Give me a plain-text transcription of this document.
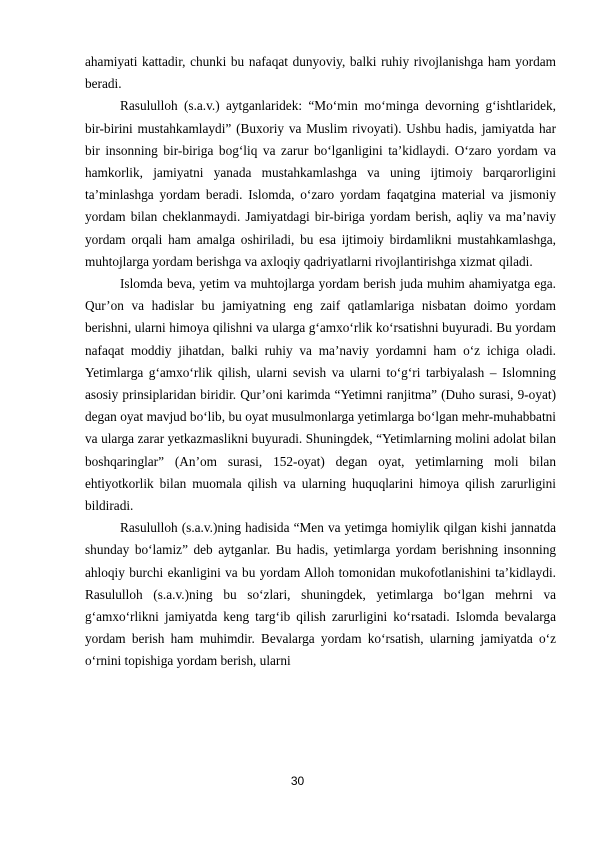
ahamiyati kattadir, chunki bu nafaqat dunyoviy, balki ruhiy rivojlanishga ham yordam beradi.

Rasululloh (s.a.v.) aytganlaridek: “Mo‘min mo‘minga devorning g‘ishtlaridek, bir-birini mustahkamlaydi” (Buxoriy va Muslim rivoyati). Ushbu hadis, jamiyatda har bir insonning bir-biriga bog‘liq va zarur bo‘lganligini ta’kidlaydi. O‘zaro yordam va hamkorlik, jamiyatni yanada mustahkamlashga va uning ijtimoiy barqarorligini ta’minlashga yordam beradi. Islomda, o‘zaro yordam faqatgina material va jismoniy yordam bilan cheklanmaydi. Jamiyatdagi bir-biriga yordam berish, aqliy va ma’naviy yordam orqali ham amalga oshiriladi, bu esa ijtimoiy birdamlikni mustahkamlashga, muhtojlarga yordam berishga va axloqiy qadriyatlarni rivojlantirishga xizmat qiladi.

Islomda beva, yetim va muhtojlarga yordam berish juda muhim ahamiyatga ega. Qur’on va hadislar bu jamiyatning eng zaif qatlamlariga nisbatan doimo yordam berishni, ularni himoya qilishni va ularga g‘amxo‘rlik ko‘rsatishni buyuradi. Bu yordam nafaqat moddiy jihatdan, balki ruhiy va ma’naviy yordamni ham o‘z ichiga oladi. Yetimlarga g‘amxo‘rlik qilish, ularni sevish va ularni to‘g‘ri tarbiyalash – Islomning asosiy prinsiplaridan biridir. Qur’oni karimda “Yetimni ranjitma” (Duho surasi, 9-oyat) degan oyat mavjud bo‘lib, bu oyat musulmonlarga yetimlarga bo‘lgan mehr-muhabbatni va ularga zarar yetkazmaslikni buyuradi. Shuningdek, “Yetimlarning molini adolat bilan boshqaringlar” (An’om surasi, 152-oyat) degan oyat, yetimlarning moli bilan ehtiyotkorlik bilan muomala qilish va ularning huquqlarini himoya qilish zarurligini bildiradi.

Rasululloh (s.a.v.)ning hadisida “Men va yetimga homiylik qilgan kishi jannatda shunday bo‘lamiz” deb aytganlar. Bu hadis, yetimlarga yordam berishning insonning ahloqiy burchi ekanligini va bu yordam Alloh tomonidan mukofotlanishini ta’kidlaydi. Rasululloh (s.a.v.)ning bu so‘zlari, shuningdek, yetimlarga bo‘lgan mehrni va g‘amxo‘rlikni jamiyatda keng targ‘ib qilish zarurligini ko‘rsatadi. Islomda bevalarga yordam berish ham muhimdir. Bevalarga yordam ko‘rsatish, ularning jamiyatda o‘z o‘rnini topishiga yordam berish, ularni

30
